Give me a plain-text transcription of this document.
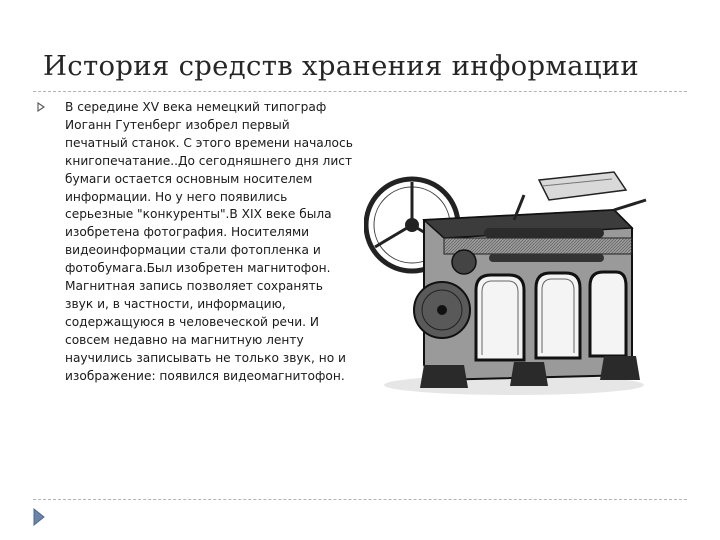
История средств хранения информации

В середине XV века немецкий типограф Иоганн Гутенберг изобрел первый печатный станок. С этого времени началось книгопечатание..До сегодняшнего дня лист бумаги остается основным носителем информации. Но у него появились серьезные "конкуренты".В XIX веке была изобретена фотография. Носителями видеоинформации стали фотопленка и фотобумага.Был изобретен магнитофон. Магнитная запись позволяет сохранять звук и, в частности, информацию, содержащуюся в человеческой речи. И совсем недавно на магнитную ленту научились записывать не только звук, но и изображение: появился видеомагнитофон.
